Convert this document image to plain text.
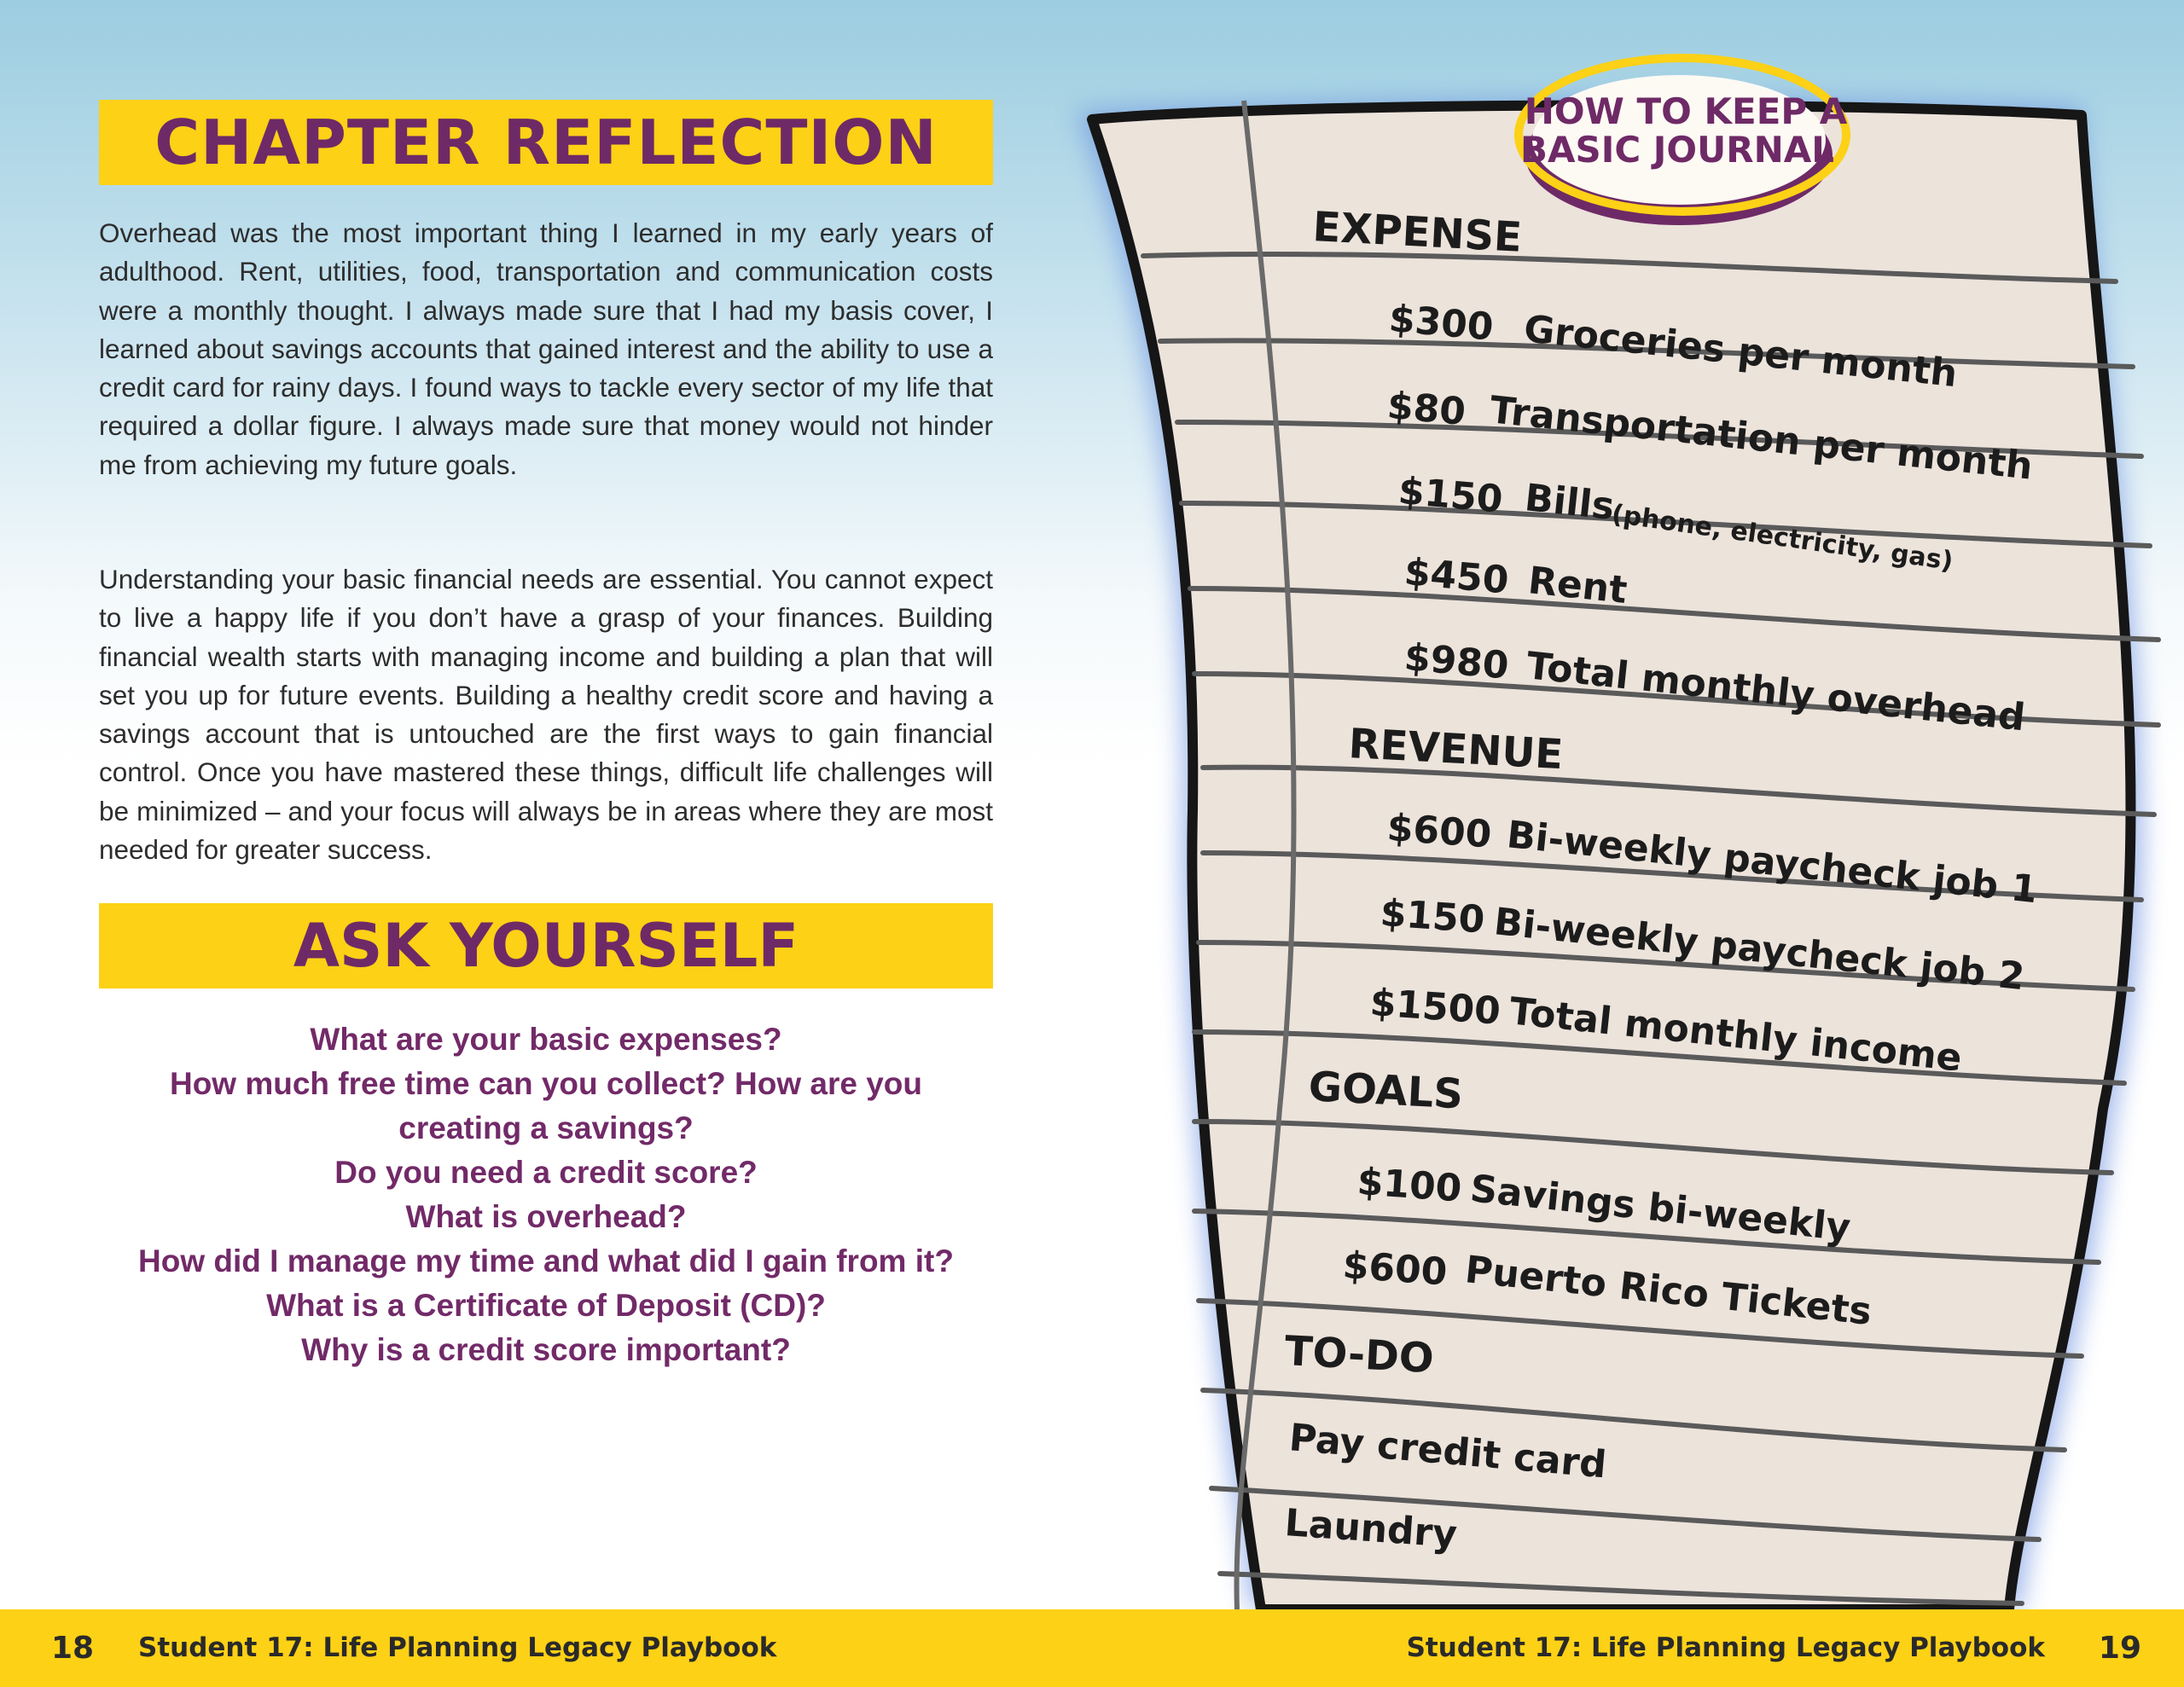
CHAPTER REFLECTION

Overhead was the most important thing I learned in my early years of adulthood. Rent, utilities, food, transportation and communication costs were a monthly thought. I always made sure that I had my basis cover, I learned about savings accounts that gained interest and the ability to use a credit card for rainy days. I found ways to tackle every sector of my life that required a dollar figure. I always made sure that money would not hinder me from achieving my future goals.

Understanding your basic financial needs are essential. You cannot expect to live a happy life if you don’t have a grasp of your finances. Building financial wealth starts with managing income and building a plan that will set you up for future events. Building a healthy credit score and having a savings account that is untouched are the first ways to gain financial control. Once you have mastered these things, difficult life challenges will be minimized – and your focus will always be in areas where they are most needed for greater success.

ASK YOURSELF
What are your basic expenses?
How much free time can you collect? How are you creating a savings?
Do you need a credit score?
What is overhead?
How did I manage my time and what did I gain from it?
What is a Certificate of Deposit (CD)?
Why is a credit score important?
HOW TO KEEP A
BASIC JOURNAL
EXPENSE
$300 Groceries per month
$80 Transportation per month
$150 Bills
(phone, electricity, gas)
$450 Rent
$980 Total monthly overhead
REVENUE
$600 Bi-weekly paycheck job 1
$150 Bi-weekly paycheck job 2
$1500 Total monthly income
GOALS
$100 Savings bi-weekly
$600 Puerto Rico Tickets
TO-DO
Pay credit card
Laundry
18 Student 17: Life Planning Legacy Playbook	Student 17: Life Planning Legacy Playbook 19
